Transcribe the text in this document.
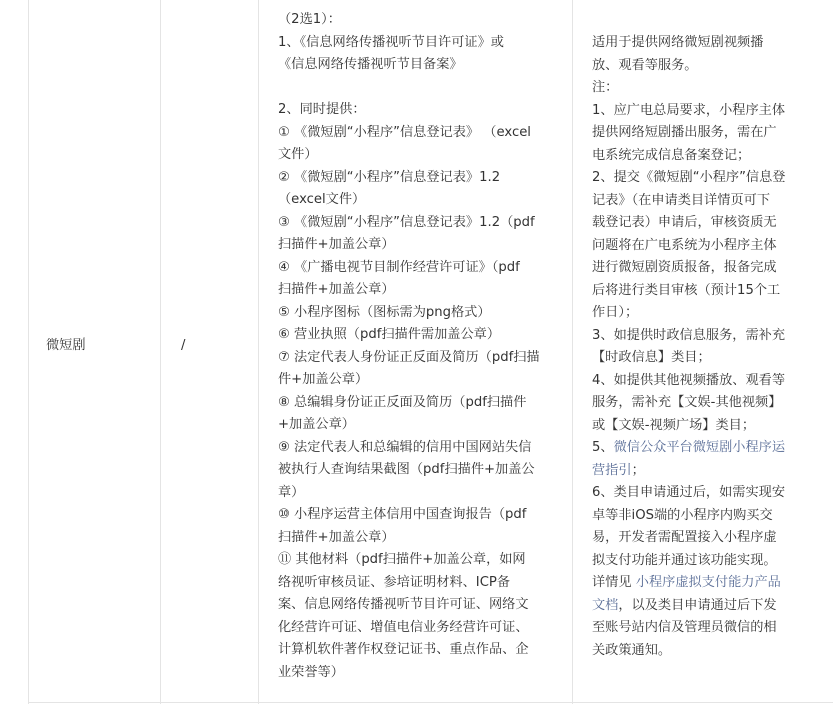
微短剧	/
（2选1）：
1、《信息网络传播视听节目许可证》或
《信息网络传播视听节目备案》
2、同时提供：
① 《微短剧“小程序”信息登记表》 （excel
文件）
② 《微短剧“小程序”信息登记表》1.2
（excel文件）
③ 《微短剧“小程序”信息登记表》1.2（pdf
扫描件+加盖公章）
④ 《广播电视节目制作经营许可证》（pdf
扫描件+加盖公章）
⑤ 小程序图标（图标需为png格式）
⑥ 营业执照（pdf扫描件需加盖公章）
⑦ 法定代表人身份证正反面及简历（pdf扫描
件+加盖公章）
⑧ 总编辑身份证正反面及简历（pdf扫描件
+加盖公章）
⑨ 法定代表人和总编辑的信用中国网站失信
被执行人查询结果截图（pdf扫描件+加盖公
章）
⑩ 小程序运营主体信用中国查询报告（pdf
扫描件+加盖公章）
⑪ 其他材料（pdf扫描件+加盖公章，如网
络视听审核员证、参培证明材料、ICP备
案、信息网络传播视听节目许可证、网络文
化经营许可证、增值电信业务经营许可证、
计算机软件著作权登记证书、重点作品、企
业荣誉等）
适用于提供网络微短剧视频播
放、观看等服务。
注：
1、应广电总局要求，小程序主体
提供网络短剧播出服务，需在广
电系统完成信息备案登记；
2、提交《微短剧“小程序”信息登
记表》（在申请类目详情页可下
载登记表）申请后，审核资质无
问题将在广电系统为小程序主体
进行微短剧资质报备，报备完成
后将进行类目审核（预计15个工
作日）；
3、如提供时政信息服务，需补充
【时政信息】类目；
4、如提供其他视频播放、观看等
服务，需补充【文娱-其他视频】
或【文娱-视频广场】类目；
5、微信公众平台微短剧小程序运
营指引；
6、类目申请通过后，如需实现安
卓等非iOS端的小程序内购买交
易，开发者需配置接入小程序虚
拟支付功能并通过该功能实现。
详情见 小程序虚拟支付能力产品
文档，以及类目申请通过后下发
至账号站内信及管理员微信的相
关政策通知。
